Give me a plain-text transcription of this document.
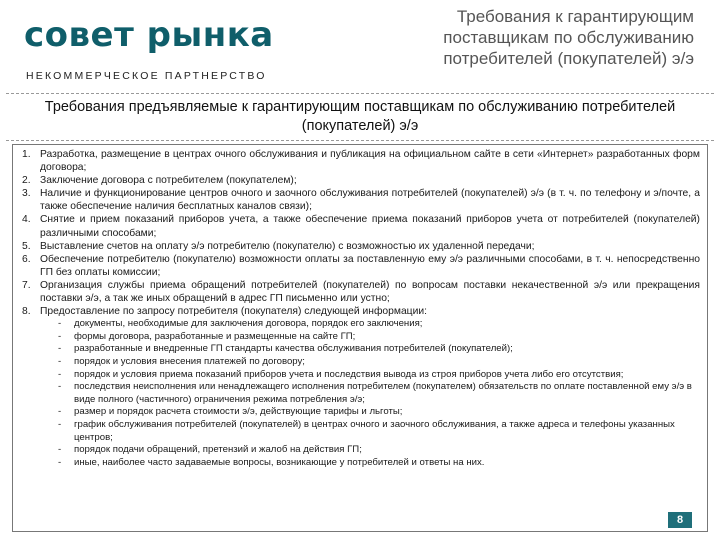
совет рынка
НЕКОММЕРЧЕСКОЕ ПАРТНЕРСТВО
Требования к гарантирующим поставщикам по обслуживанию потребителей (покупателей) э/э
Требования предъявляемые к гарантирующим поставщикам по обслуживанию потребителей (покупателей) э/э
1. Разработка, размещение в центрах очного обслуживания и публикация на официальном сайте в сети «Интернет» разработанных форм договора;
2. Заключение договора с потребителем (покупателем);
3. Наличие и функционирование центров очного и заочного обслуживания потребителей (покупателей) э/э (в т. ч. по телефону и э/почте, а также обеспечение наличия бесплатных каналов связи);
4. Снятие и прием показаний приборов учета, а также обеспечение приема показаний приборов учета от потребителей (покупателей) различными способами;
5. Выставление счетов на оплату э/э потребителю (покупателю) с возможностью их удаленной передачи;
6. Обеспечение потребителю (покупателю) возможности оплаты за поставленную ему э/э различными способами, в т. ч. непосредственно ГП без оплаты комиссии;
7. Организация службы приема обращений потребителей (покупателей) по вопросам поставки некачественной э/э или прекращения поставки э/э, а так же иных обращений в адрес ГП письменно или устно;
8. Предоставление по запросу потребителя (покупателя) следующей информации:
- документы, необходимые для заключения договора, порядок его заключения;
- формы договора, разработанные и размещенные на сайте ГП;
- разработанные и внедренные ГП стандарты качества обслуживания потребителей (покупателей);
- порядок и условия внесения платежей по договору;
- порядок и условия приема показаний приборов учета и последствия вывода из строя приборов учета либо его отсутствия;
- последствия неисполнения или ненадлежащего исполнения потребителем (покупателем) обязательств по оплате поставленной ему э/э в виде полного (частичного) ограничения режима потребления э/э;
- размер и порядок расчета стоимости э/э, действующие тарифы и льготы;
- график обслуживания потребителей (покупателей) в центрах очного и заочного обслуживания, а также адреса и телефоны указанных центров;
- порядок подачи обращений, претензий и жалоб на действия ГП;
- иные, наиболее часто задаваемые вопросы, возникающие у потребителей и ответы на них.
8
